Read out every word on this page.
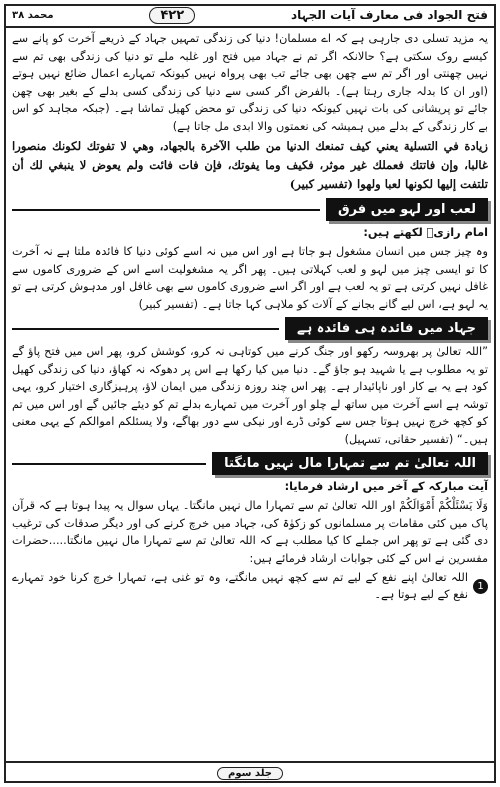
فتح الجواد فی معارف آیات الجہاد
۴۲۲
محمد ۳۸

یہ مزید تسلی دی جارہی ہے کہ اے مسلمان! دنیا کی زندگی تمہیں جہاد کے ذریعے آخرت کو پانے سے کیسے روک سکتی ہے؟ حالانکہ اگر تم نے جہاد میں فتح اور غلبہ ملے تو دنیا کی زندگی بھی تم سے نہیں چھنتی اور اگر تم سے چھن بھی جائے تب بھی پرواہ نہیں کیونکہ تمہارے اعمال ضائع نہیں ہوتے (اور ان کا بدلہ جاری رہتا ہے)۔ بالفرض اگر کسی سے دنیا کی زندگی کسی بدلے کے بغیر بھی چھن جائے تو پریشانی کی بات نہیں کیونکہ دنیا کی زندگی تو محض کھیل تماشا ہے۔ (جبکہ مجاہد کو اس بے کار زندگی کے بدلے میں ہمیشہ کی نعمتوں والا ابدی مل جاتا ہے)

زيادة في التسلية يعني كيف تمنعك الدنيا من طلب الآخرة بالجهاد، وهي لا تفوتك لكونك منصورا غالبا، وإن فاتتك فعملك غير موثر، فكيف وما يفوتك، فإن فات فائت ولم يعوض لا ينبغي لك أن تلتفت إليها لكونها لعبا ولهوا (تفسير كبير)

لعب اور لہو میں فرق

امام رازیؒ لکھتے ہیں:

وہ چیز جس میں انسان مشغول ہو جاتا ہے اور اس میں نہ اسے کوئی دنیا کا فائدہ ملتا ہے نہ آخرت کا تو ایسی چیز میں لہو و لعب کہلاتی ہیں۔ پھر اگر یہ مشغولیت اسے اس کے ضروری کاموں سے غافل نہیں کرتی ہے تو یہ لعب ہے اور اگر اسے ضروری کاموں سے بھی غافل اور مدہوش کرتی ہے تو یہ لہو ہے، اس لیے گانے بجانے کے آلات کو ملاہی کہا جاتا ہے۔ (تفسیر کبیر)

جہاد میں فائدہ ہی فائدہ ہے

”اللہ تعالیٰ پر بھروسہ رکھو اور جنگ کرنے میں کوتاہی نہ کرو، کوشش کرو، پھر اس میں فتح پاؤ گے تو یہ مطلوب ہے یا شہید ہو جاؤ گے۔ دنیا میں کیا رکھا ہے اس پر دھوکہ نہ کھاؤ، دنیا کی زندگی کھیل کود ہے یہ بے کار اور ناپائیدار ہے۔ پھر اس چند روزہ زندگی میں ایمان لاؤ، پرہیزگاری اختیار کرو، یہی توشہ ہے اسے آخرت میں ساتھ لے چلو اور آخرت میں تمہارے بدلے تم کو دیئے جائیں گے اور اس میں تم کو کچھ خرچ نہیں ہوتا جس سے کوئی ڈرے اور نیکی سے دور بھاگے، ولا یسئلکم اموالکم کے یہی معنی ہیں۔“ (تفسیر حقانی، تسہیل)

اللہ تعالیٰ تم سے تمہارا مال نہیں مانگتا

آیت مبارکہ کے آخر میں ارشاد فرمایا:

وَلَا يَسْئَلْكُمْ أَمْوَالَكُمْ اور اللہ تعالیٰ تم سے تمہارا مال نہیں مانگتا۔ یہاں سوال یہ پیدا ہوتا ہے کہ قرآن پاک میں کئی مقامات پر مسلمانوں کو زکوٰۃ کی، جہاد میں خرچ کرنے کی اور دیگر صدقات کی ترغیب دی گئی ہے تو پھر اس جملے کا کیا مطلب ہے کہ اللہ تعالیٰ تم سے تمہارا مال نہیں مانگتا.....حضرات مفسرین نے اس کے کئی جوابات ارشاد فرمائے ہیں:

1
اللہ تعالیٰ اپنے نفع کے لیے تم سے کچھ نہیں مانگتے، وہ تو غنی ہے، تمہارا خرچ کرنا خود تمہارے نفع کے لیے ہوتا ہے۔
جلد سوم
